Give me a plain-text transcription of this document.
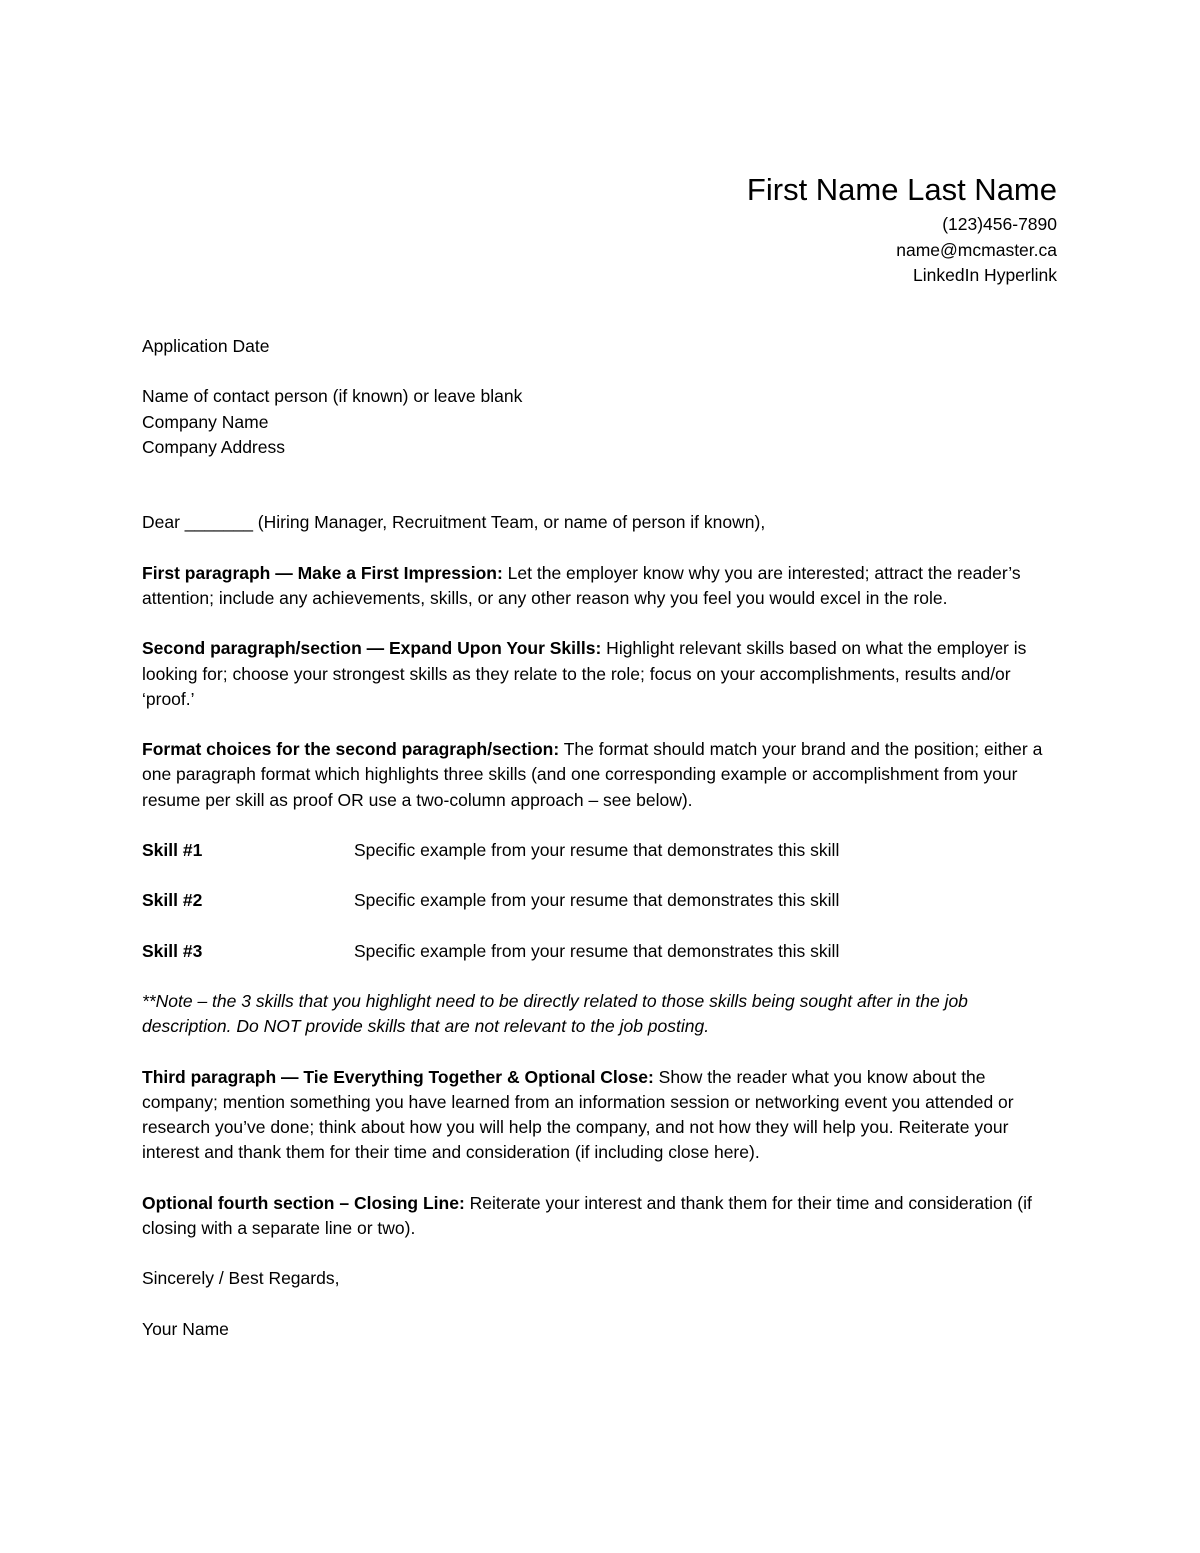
First Name Last Name
(123)456-7890
name@mcmaster.ca
LinkedIn Hyperlink

Application Date

Name of contact person (if known) or leave blank

Company Name

Company Address

Dear _______ (Hiring Manager, Recruitment Team, or name of person if known),

First paragraph — Make a First Impression: Let the employer know why you are interested; attract the reader’s attention; include any achievements, skills, or any other reason why you feel you would excel in the role.

Second paragraph/section — Expand Upon Your Skills: Highlight relevant skills based on what the employer is looking for; choose your strongest skills as they relate to the role; focus on your accomplishments, results and/or ‘proof.’

Format choices for the second paragraph/section: The format should match your brand and the position; either a one paragraph format which highlights three skills (and one corresponding example or accomplishment from your resume per skill as proof OR use a two-column approach – see below).

Skill #1	Specific example from your resume that demonstrates this skill
Skill #2	Specific example from your resume that demonstrates this skill
Skill #3	Specific example from your resume that demonstrates this skill

**Note – the 3 skills that you highlight need to be directly related to those skills being sought after in the job description. Do NOT provide skills that are not relevant to the job posting.

Third paragraph — Tie Everything Together & Optional Close: Show the reader what you know about the company; mention something you have learned from an information session or networking event you attended or research you’ve done; think about how you will help the company, and not how they will help you. Reiterate your interest and thank them for their time and consideration (if including close here).

Optional fourth section – Closing Line: Reiterate your interest and thank them for their time and consideration (if closing with a separate line or two).

Sincerely / Best Regards,

Your Name
